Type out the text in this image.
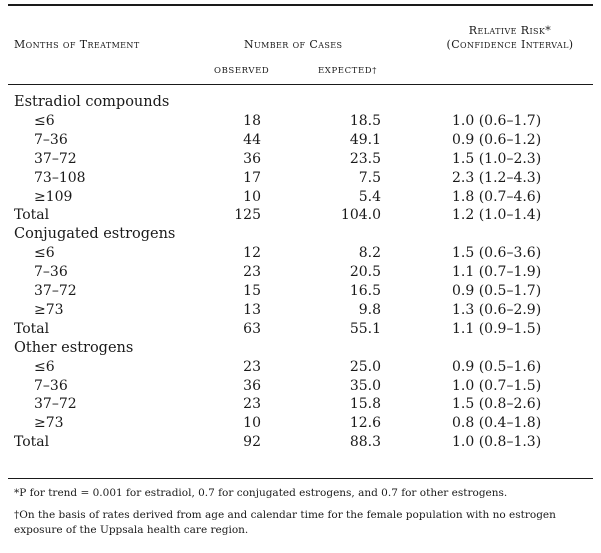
Months of Treatment	Number of Cases
Relative Risk*
(Confidence Interval)
OBSERVED	EXPECTED†
Estradiol compounds
≤6	18	18.5	1.0 (0.6–1.7)
7–36	44	49.1	0.9 (0.6–1.2)
37–72	36	23.5	1.5 (1.0–2.3)
73–108	17	7.5	2.3 (1.2–4.3)
≥109	10	5.4	1.8 (0.7–4.6)
Total	125	104.0	1.2 (1.0–1.4)
Conjugated estrogens
≤6	12	8.2	1.5 (0.6–3.6)
7–36	23	20.5	1.1 (0.7–1.9)
37–72	15	16.5	0.9 (0.5–1.7)
≥73	13	9.8	1.3 (0.6–2.9)
Total	63	55.1	1.1 (0.9–1.5)
Other estrogens
≤6	23	25.0	0.9 (0.5–1.6)
7–36	36	35.0	1.0 (0.7–1.5)
37–72	23	15.8	1.5 (0.8–2.6)
≥73	10	12.6	0.8 (0.4–1.8)
Total	92	88.3	1.0 (0.8–1.3)
*P for trend = 0.001 for estradiol, 0.7 for conjugated estrogens, and 0.7 for other estrogens.
†On the basis of rates derived from age and calendar time for the female population with no estrogen exposure of the Uppsala health care region.
